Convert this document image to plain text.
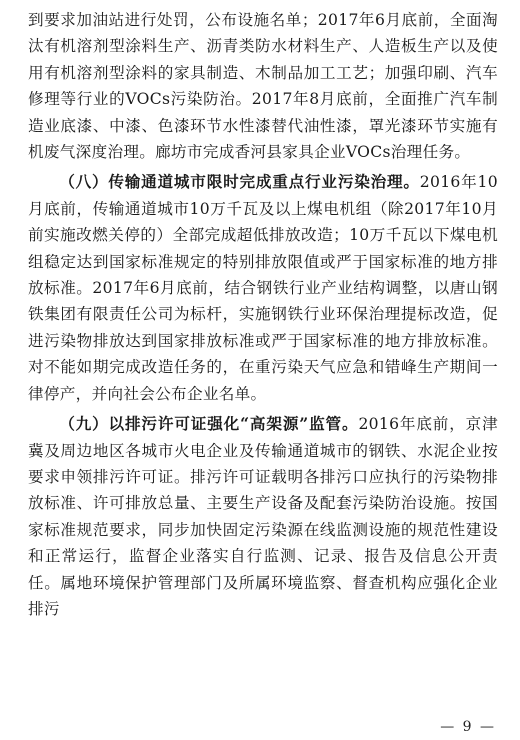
到要求加油站进行处罚，公布设施名单；2017年6月底前，全面淘汰有机溶剂型涂料生产、沥青类防水材料生产、人造板生产以及使用有机溶剂型涂料的家具制造、木制品加工工艺；加强印刷、汽车修理等行业的VOCs污染防治。2017年8月底前，全面推广汽车制造业底漆、中漆、色漆环节水性漆替代油性漆，罩光漆环节实施有机废气深度治理。廊坊市完成香河县家具企业VOCs治理任务。

（八）传输通道城市限时完成重点行业污染治理。2016年10月底前，传输通道城市10万千瓦及以上煤电机组（除2017年10月前实施改燃关停的）全部完成超低排放改造；10万千瓦以下煤电机组稳定达到国家标准规定的特别排放限值或严于国家标准的地方排放标准。2017年6月底前，结合钢铁行业产业结构调整，以唐山钢铁集团有限责任公司为标杆，实施钢铁行业环保治理提标改造，促进污染物排放达到国家排放标准或严于国家标准的地方排放标准。对不能如期完成改造任务的，在重污染天气应急和错峰生产期间一律停产，并向社会公布企业名单。

（九）以排污许可证强化“高架源”监管。2016年底前，京津冀及周边地区各城市火电企业及传输通道城市的钢铁、水泥企业按要求申领排污许可证。排污许可证载明各排污口应执行的污染物排放标准、许可排放总量、主要生产设备及配套污染防治设施。按国家标准规范要求，同步加快固定污染源在线监测设施的规范性建设和正常运行，监督企业落实自行监测、记录、报告及信息公开责任。属地环境保护管理部门及所属环境监察、督查机构应强化企业排污

— 9 —
